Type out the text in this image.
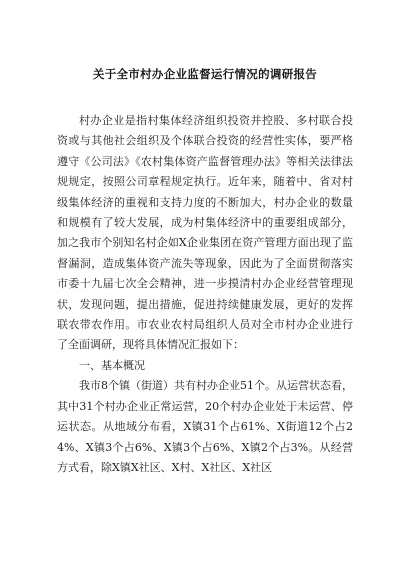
关于全市村办企业监督运行情况的调研报告

村办企业是指村集体经济组织投资并控股、多村联合投资或与其他社会组织及个体联合投资的经营性实体，要严格遵守《公司法》《农村集体资产监督管理办法》等相关法律法规规定，按照公司章程规定执行。近年来，随着中、省对村级集体经济的重视和支持力度的不断加大，村办企业的数量和规模有了较大发展，成为村集体经济中的重要组成部分，加之我市个别知名村企如X企业集团在资产管理方面出现了监督漏洞，造成集体资产流失等现象，因此为了全面贯彻落实市委十九届七次全会精神，进一步摸清村办企业经营管理现状，发现问题，提出措施，促进持续健康发展，更好的发挥联农带农作用。市农业农村局组织人员对全市村办企业进行了全面调研，现将具体情况汇报如下：

一、基本概况

我市8个镇（街道）共有村办企业51个。从运营状态看，其中31个村办企业正常运营，20个村办企业处于未运营、停运状态。从地域分布看，X镇31个占61%、X街道12个占24%、X镇3个占6%、X镇3个占6%、X镇2个占3%。从经营方式看，除X镇X社区、X村、X社区、X社区
